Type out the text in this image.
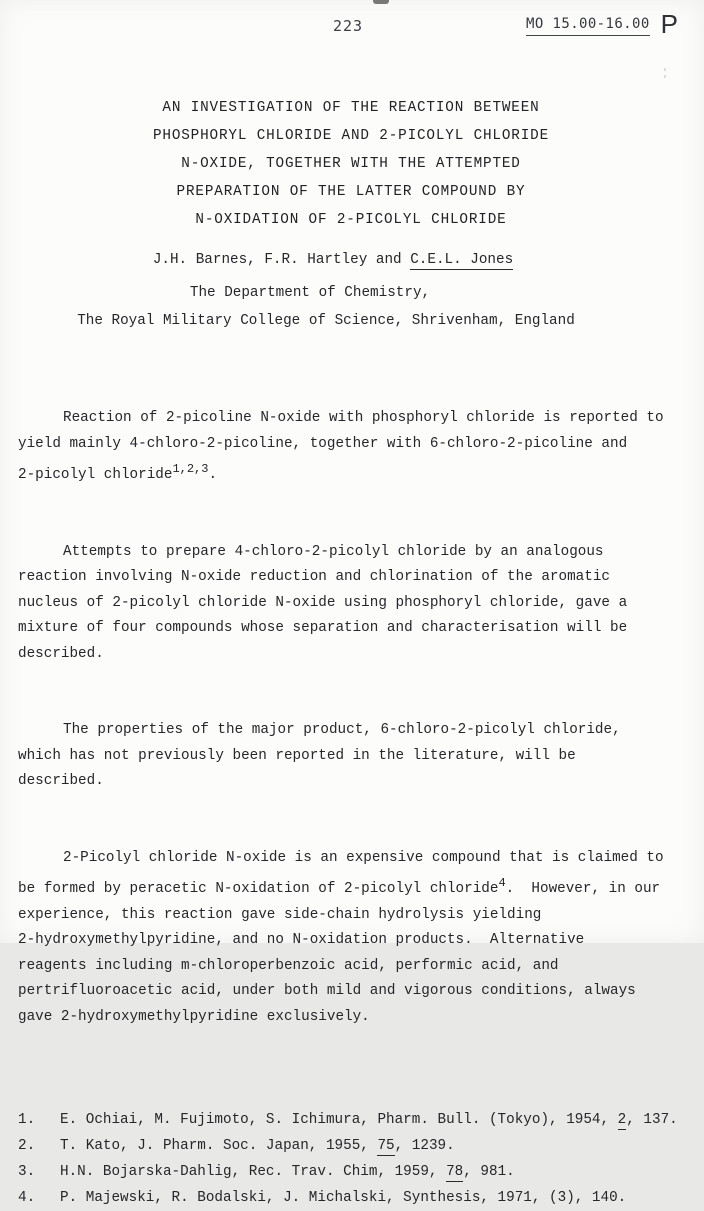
223	MO 15.00-16.00 P
AN INVESTIGATION OF THE REACTION BETWEEN
PHOSPHORYL CHLORIDE AND 2-PICOLYL CHLORIDE
N-OXIDE, TOGETHER WITH THE ATTEMPTED
PREPARATION OF THE LATTER COMPOUND BY
N-OXIDATION OF 2-PICOLYL CHLORIDE
J.H. Barnes, F.R. Hartley and C.E.L. Jones
The Department of Chemistry,
The Royal Military College of Science, Shrivenham, England

Reaction of 2-picoline N-oxide with phosphoryl chloride is reported to
yield mainly 4-chloro-2-picoline, together with 6-chloro-2-picoline and
2-picolyl chloride$^{1,2,3}$.

Attempts to prepare 4-chloro-2-picolyl chloride by an analogous
reaction involving N-oxide reduction and chlorination of the aromatic
nucleus of 2-picolyl chloride N-oxide using phosphoryl chloride, gave a
mixture of four compounds whose separation and characterisation will be
described.

The properties of the major product, 6-chloro-2-picolyl chloride,
which has not previously been reported in the literature, will be
described.

2-Picolyl chloride N-oxide is an expensive compound that is claimed to
be formed by peracetic N-oxidation of 2-picolyl chloride$^4$.  However, in our
experience, this reaction gave side-chain hydrolysis yielding
2-hydroxymethylpyridine, and no N-oxidation products.  Alternative
reagents including m-chloroperbenzoic acid, performic acid, and
pertrifluoroacetic acid, under both mild and vigorous conditions, always
gave 2-hydroxymethylpyridine exclusively.

1.	E. Ochiai, M. Fujimoto, S. Ichimura, Pharm. Bull. (Tokyo), 1954, 2, 137.
2.	T. Kato, J. Pharm. Soc. Japan, 1955, 75, 1239.
3.	H.N. Bojarska-Dahlig, Rec. Trav. Chim, 1959, 78, 981.
4.	P. Majewski, R. Bodalski, J. Michalski, Synthesis, 1971, (3), 140.
